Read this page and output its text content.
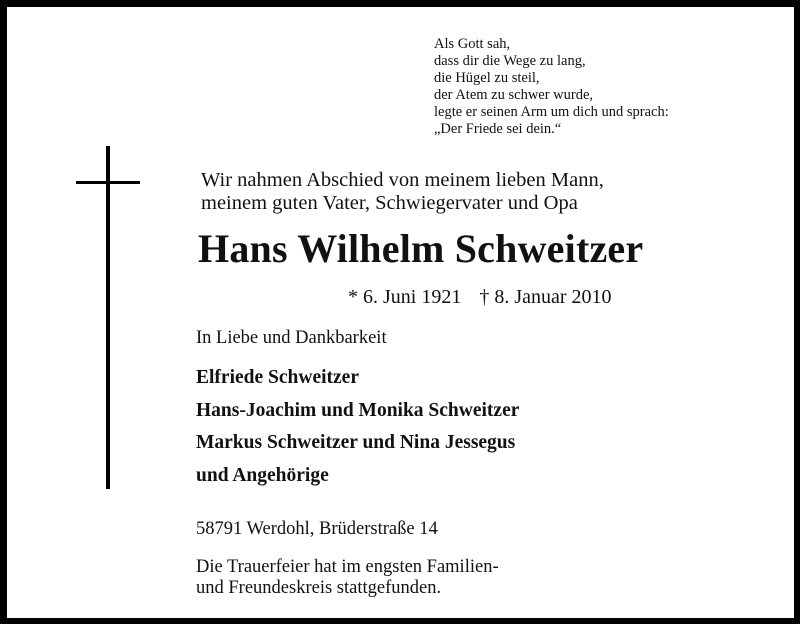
Als Gott sah,
dass dir die Wege zu lang,
die Hügel zu steil,
der Atem zu schwer wurde,
legte er seinen Arm um dich und sprach:
„Der Friede sei dein.“
Wir nahmen Abschied von meinem lieben Mann,
meinem guten Vater, Schwiegervater und Opa
Hans Wilhelm Schweitzer
* 6. Juni 1921 † 8. Januar 2010
In Liebe und Dankbarkeit
Elfriede Schweitzer
Hans-Joachim und Monika Schweitzer
Markus Schweitzer und Nina Jessegus
und Angehörige
58791 Werdohl, Brüderstraße 14
Die Trauerfeier hat im engsten Familien-
und Freundeskreis stattgefunden.
